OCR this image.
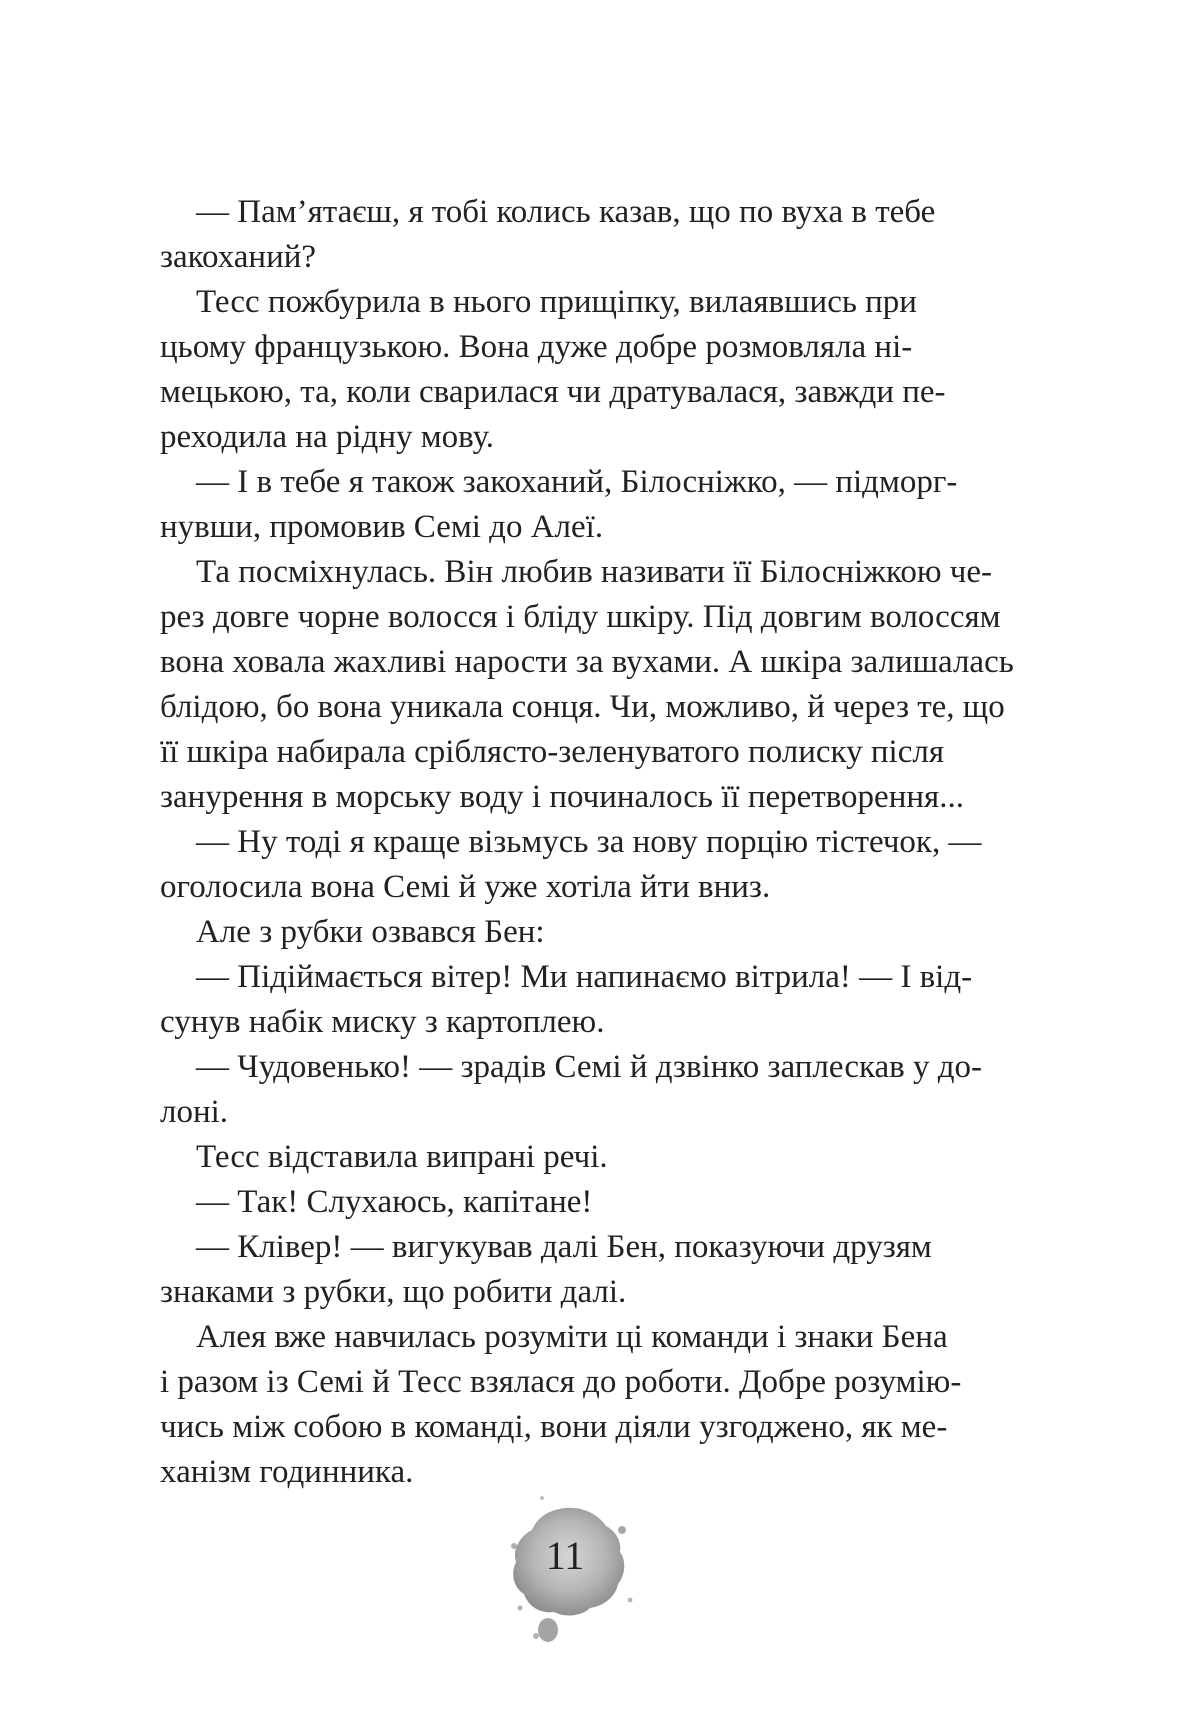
— Пам’ятаєш, я тобі колись казав, що по вуха в тебе
закоханий?

Тесс пожбурила в нього прищіпку, вилаявшись при
цьому французькою. Вона дуже добре розмовляла ні-
мецькою, та, коли сварилася чи дратувалася, завжди пе-
реходила на рідну мову.

— І в тебе я також закоханий, Білосніжко, — підморг-
нувши, промовив Семі до Алеї.

Та посміхнулась. Він любив називати її Білосніжкою че-
рез довге чорне волосся і бліду шкіру. Під довгим волоссям
вона ховала жахливі нарости за вухами. А шкіра залишалась
блідою, бо вона уникала сонця. Чи, можливо, й через те, що
її шкіра набирала сріблясто-зеленуватого полиску після
занурення в морську воду і починалось її перетворення...

— Ну тоді я краще візьмусь за нову порцію тістечок, —
оголосила вона Семі й уже хотіла йти вниз.

Але з рубки озвався Бен:

— Підіймається вітер! Ми напинаємо вітрила! — І від-
сунув набік миску з картоплею.

— Чудовенько! — зрадів Семі й дзвінко заплескав у до-
лоні.

Тесс відставила випрані речі.

— Так! Слухаюсь, капітане!

— Клівер! — вигукував далі Бен, показуючи друзям
знаками з рубки, що робити далі.

Алея вже навчилась розуміти ці команди і знаки Бена
і разом із Семі й Тесс взялася до роботи. Добре розумію-
чись між собою в команді, вони діяли узгоджено, як ме-
ханізм годинника.

11
